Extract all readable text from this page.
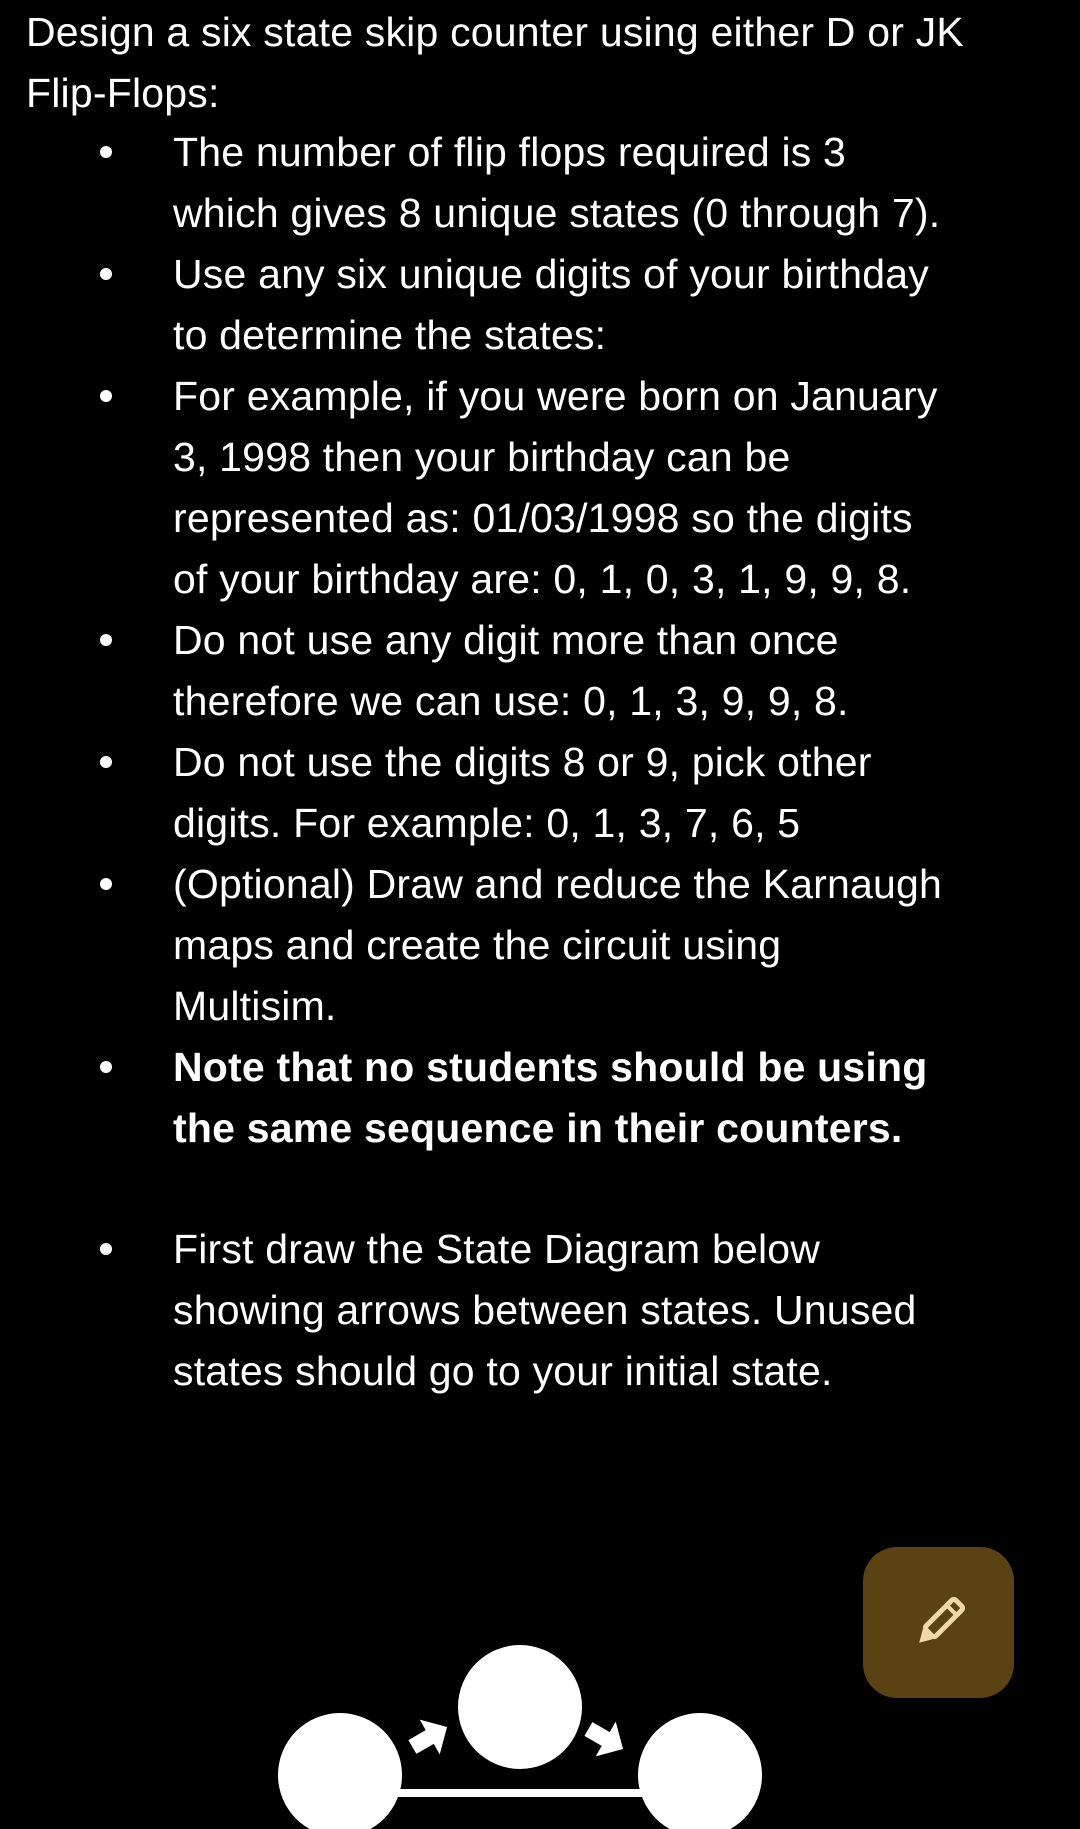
Design a six state skip counter using either D or JK
Flip-Flops:
The number of flip flops required is 3
which gives 8 unique states (0 through 7).
Use any six unique digits of your birthday
to determine the states:
For example, if you were born on January
3, 1998 then your birthday can be
represented as: 01/03/1998 so the digits
of your birthday are: 0, 1, 0, 3, 1, 9, 9, 8.
Do not use any digit more than once
therefore we can use: 0, 1, 3, 9, 9, 8.
Do not use the digits 8 or 9, pick other
digits. For example: 0, 1, 3, 7, 6, 5
(Optional) Draw and reduce the Karnaugh
maps and create the circuit using
Multisim.
Note that no students should be using
the same sequence in their counters.
First draw the State Diagram below
showing arrows between states. Unused
states should go to your initial state.
